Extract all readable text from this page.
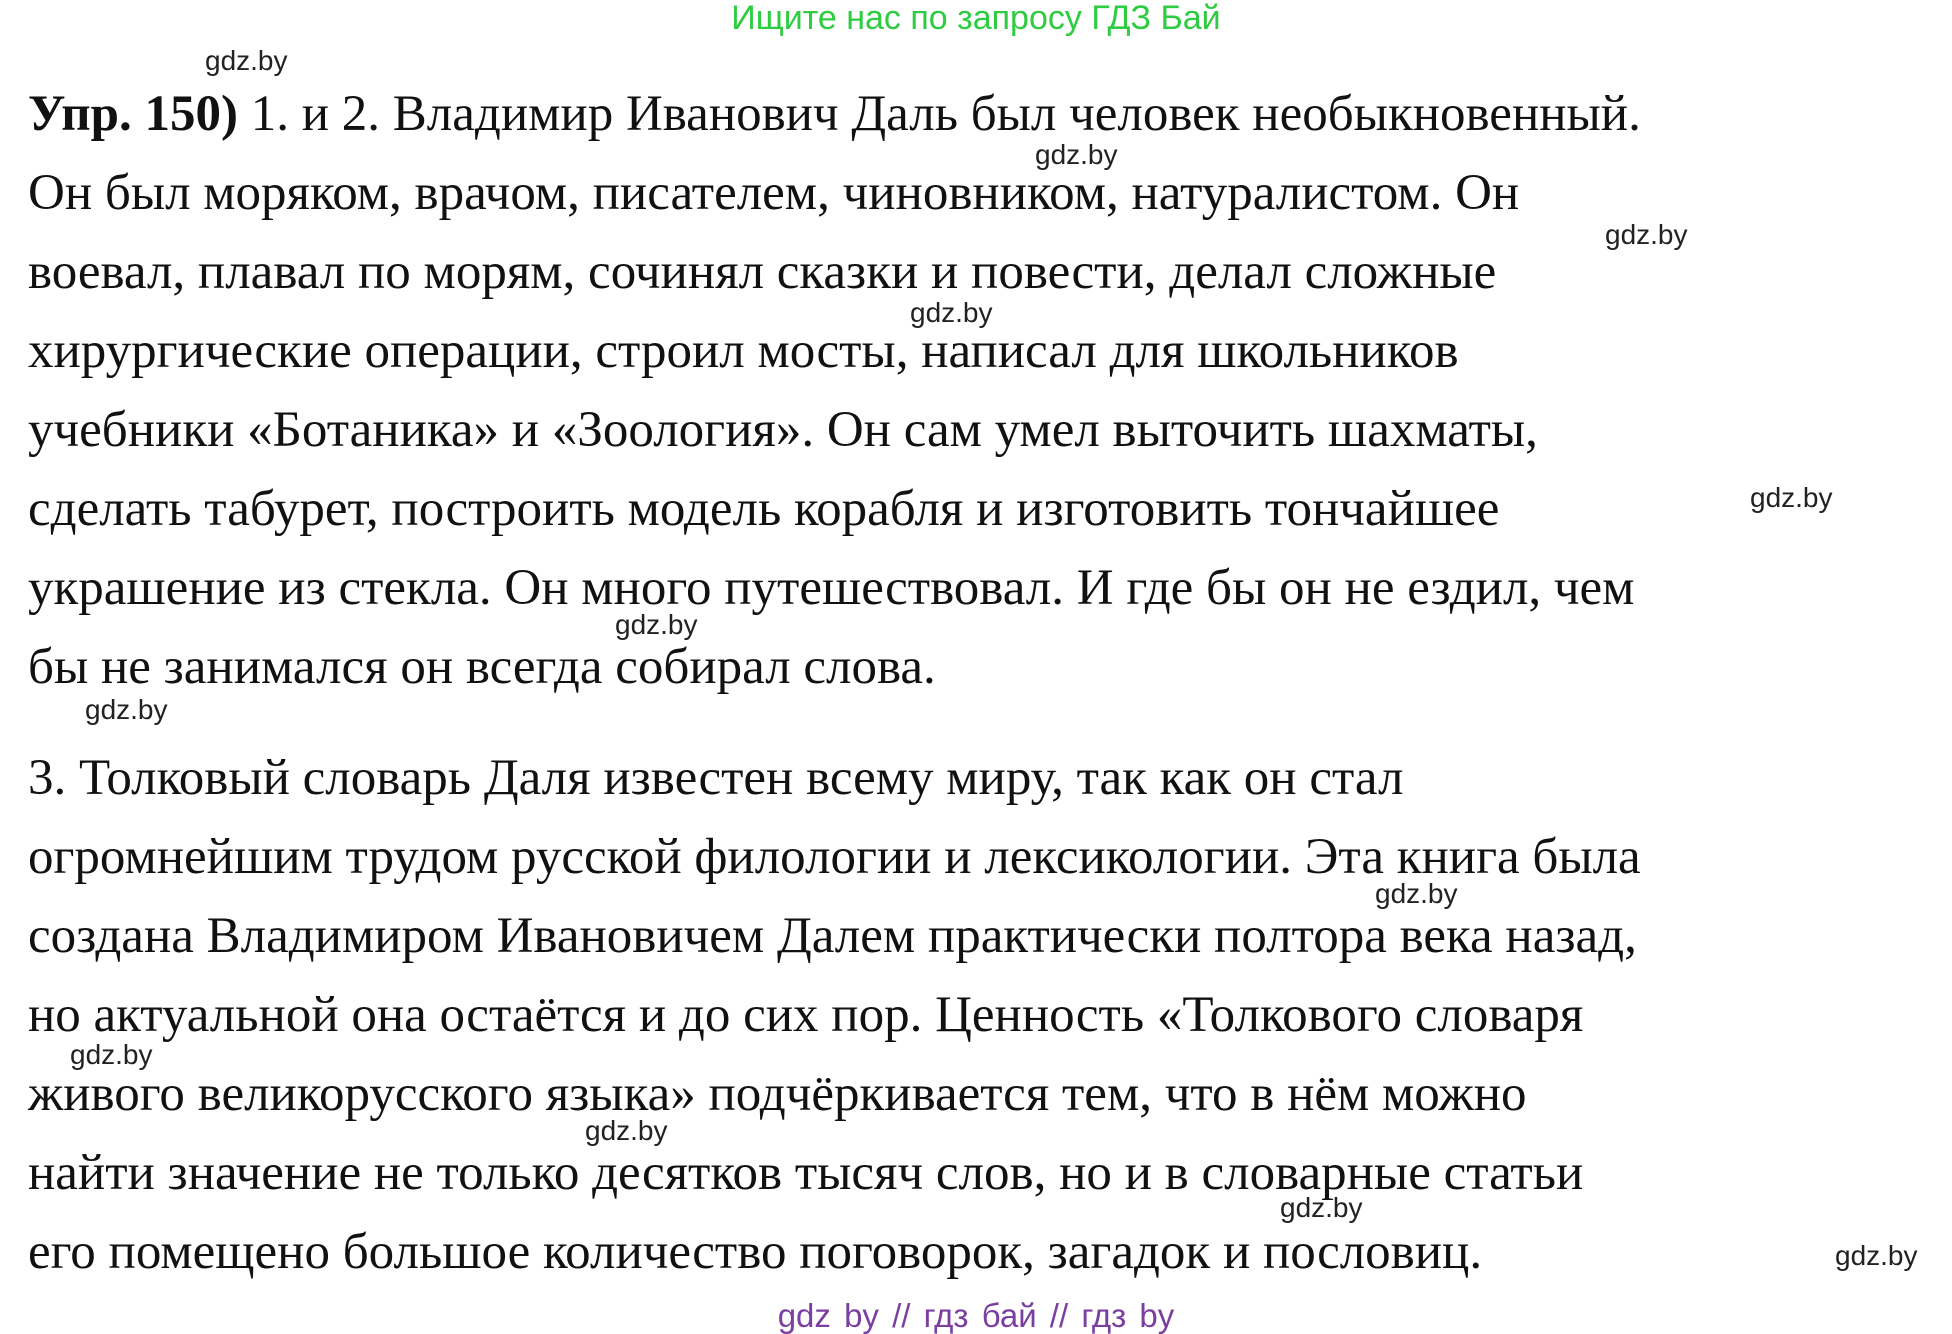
Ищите нас по запросу ГДЗ Бай
Упр. 150) 1. и 2. Владимир Иванович Даль был человек необыкновенный.
Он был моряком, врачом, писателем, чиновником, натуралистом. Он
воевал, плавал по морям, сочинял сказки и повести, делал сложные
хирургические операции, строил мосты, написал для школьников
учебники «Ботаника» и «Зоология». Он сам умел выточить шахматы,
сделать табурет, построить модель корабля и изготовить тончайшее
украшение из стекла. Он много путешествовал. И где бы он не ездил, чем
бы не занимался он всегда собирал слова.
3. Толковый словарь Даля известен всему миру, так как он стал
огромнейшим трудом русской филологии и лексикологии. Эта книга была
создана Владимиром Ивановичем Далем практически полтора века назад,
но актуальной она остаётся и до сих пор. Ценность «Толкового словаря
живого великорусского языка» подчёркивается тем, что в нём можно
найти значение не только десятков тысяч слов, но и в словарные статьи
его помещено большое количество поговорок, загадок и пословиц.
gdz.by
gdz.by
gdz.by
gdz.by
gdz.by
gdz.by
gdz.by
gdz.by
gdz.by
gdz.by
gdz.by
gdz.by
gdz by // гдз бай // гдз by
